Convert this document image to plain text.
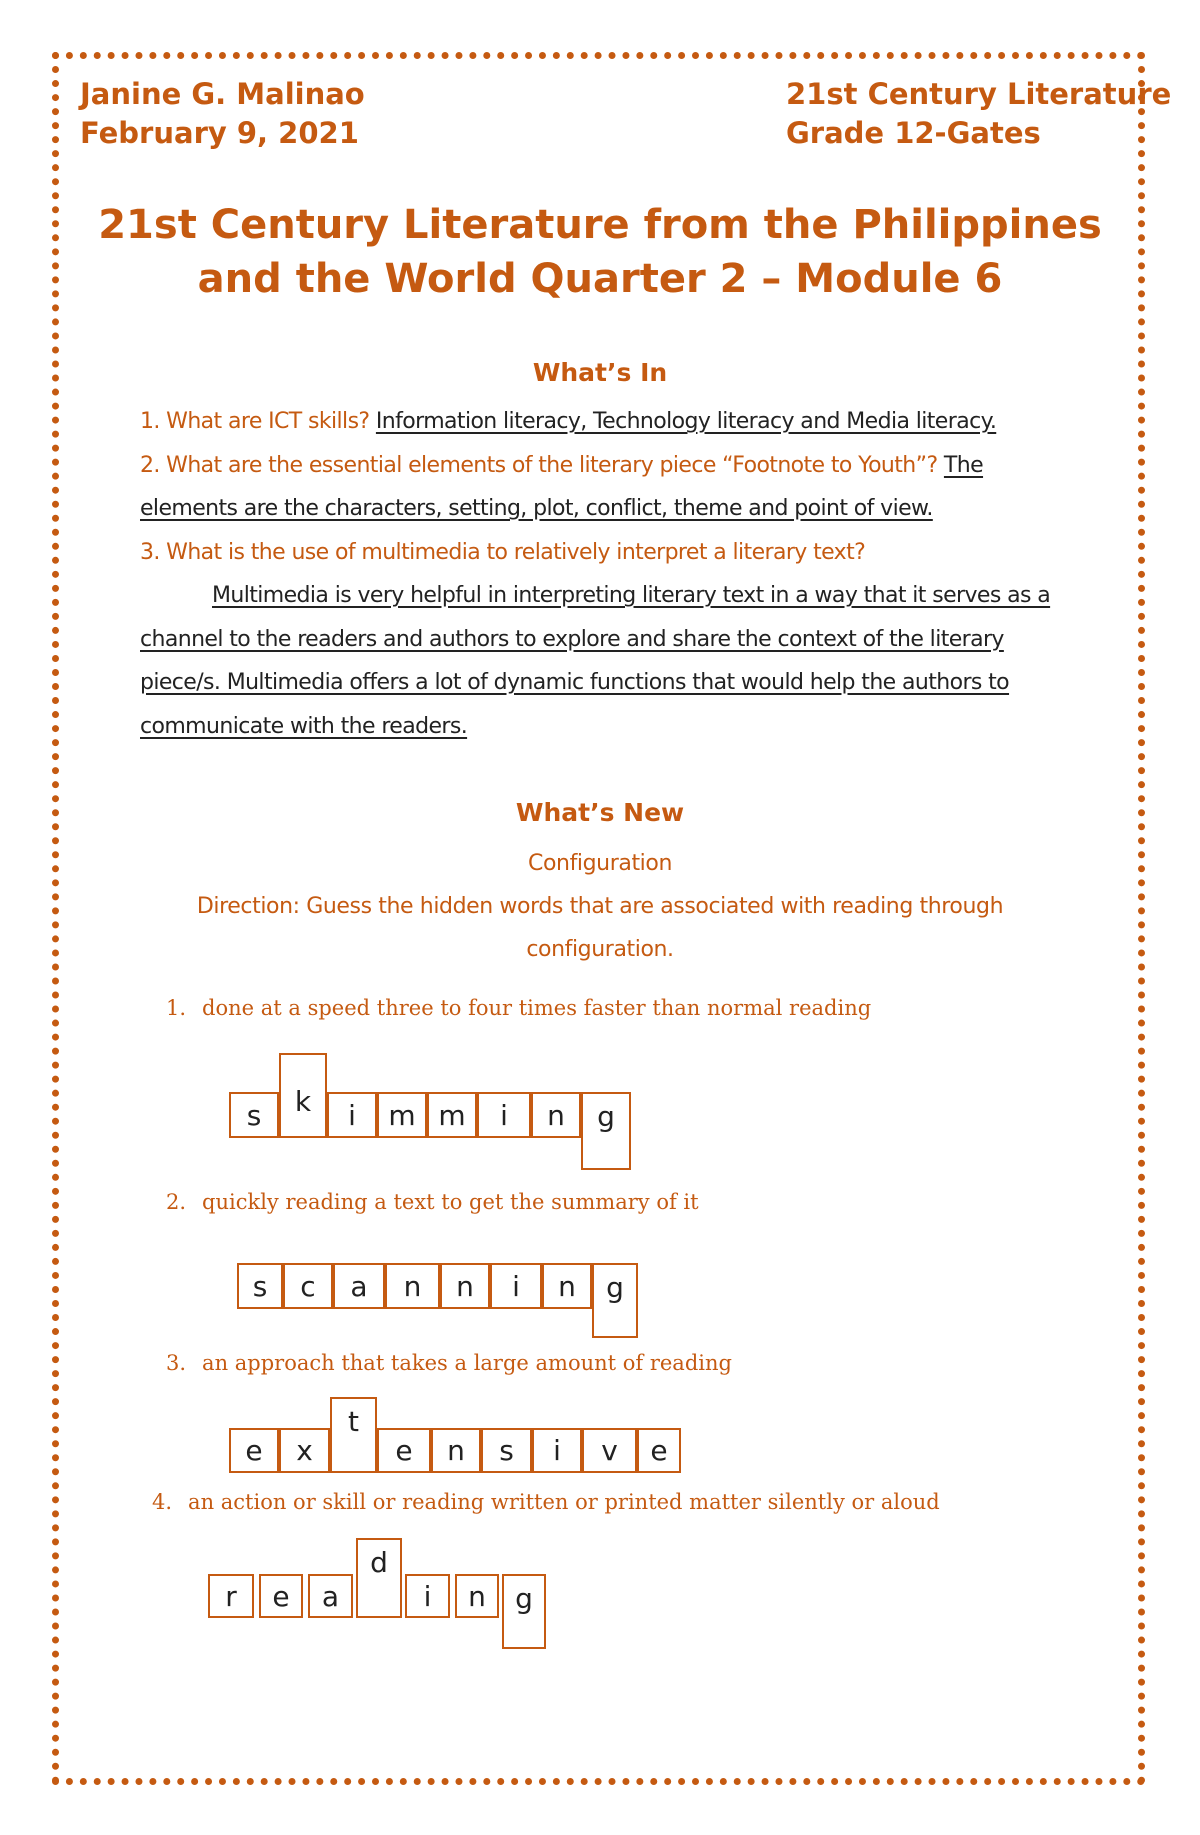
Janine G. Malinao
February 9, 2021
21st Century Literature
Grade 12-Gates
21st Century Literature from the Philippines
and the World Quarter 2 – Module 6
What’s In

1. What are ICT skills? Information literacy, Technology literacy and Media literacy.

2. What are the essential elements of the literary piece “Footnote to Youth”? The elements are the characters, setting, plot, conflict, theme and point of view.

3. What is the use of multimedia to relatively interpret a literary text?

Multimedia is very helpful in interpreting literary text in a way that it serves as a channel to the readers and authors to explore and share the context of the literary piece/s. Multimedia offers a lot of dynamic functions that would help the authors to communicate with the readers.

What’s New
Configuration
Direction: Guess the hidden words that are associated with reading through configuration.
1. done at a speed three to four times faster than normal reading
2. quickly reading a text to get the summary of it
3. an approach that takes a large amount of reading
4. an action or skill or reading written or printed matter silently or aloud
s	k	i	m m	i	n	g
s	c	a	n	n	i	n	g
e	x
t
e	n	s	i	v	e
r	e	a
d
i	n	g
